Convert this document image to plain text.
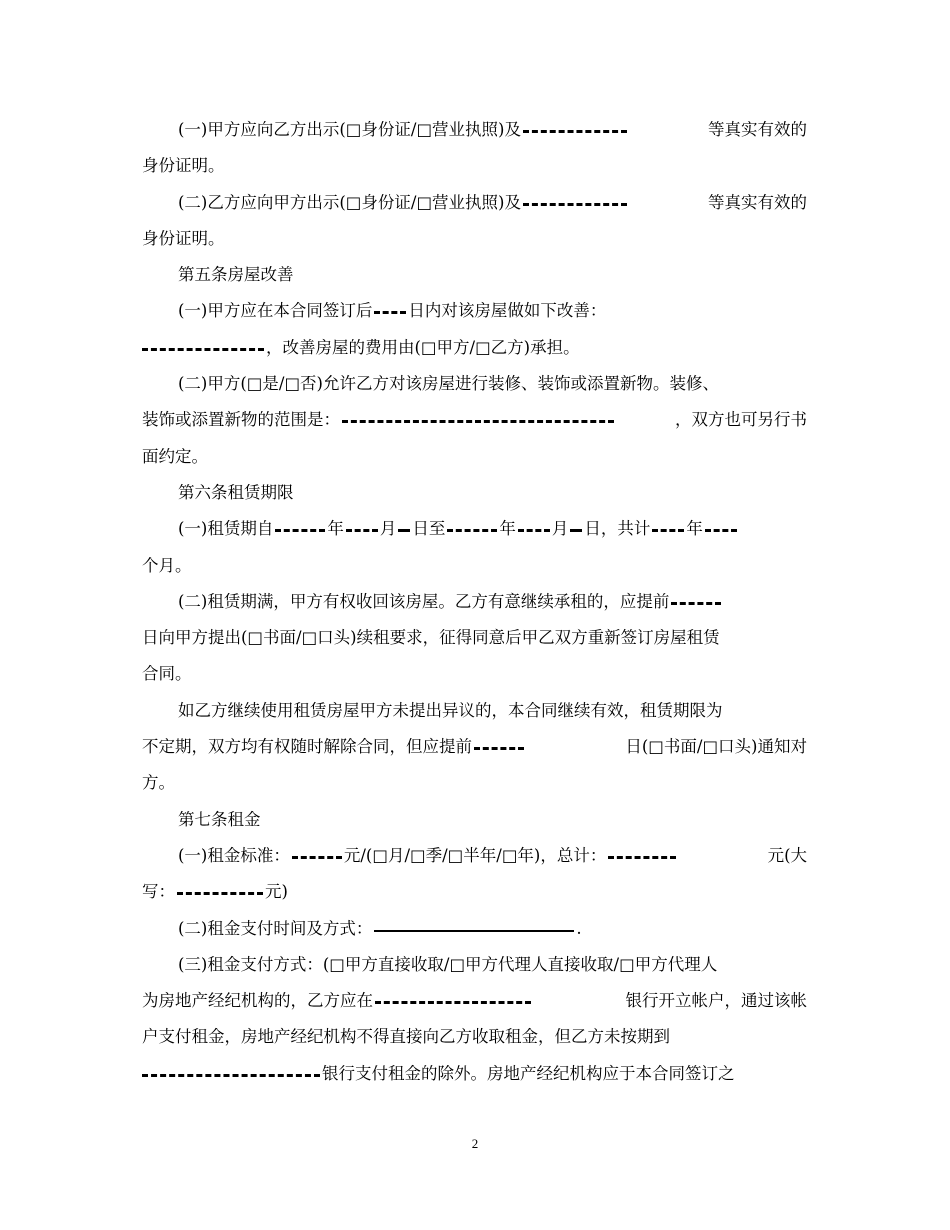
(一)甲方应向乙方出示(□身份证/□营业执照)及	等真实有效的
身份证明。
(二)乙方应向甲方出示(□身份证/□营业执照)及	等真实有效的
身份证明。
第五条房屋改善
(一)甲方应在本合同签订后 日内对该房屋做如下改善：
，改善房屋的费用由(□甲方/□乙方)承担。
(二)甲方(□是/□否)允许乙方对该房屋进行装修、装饰或添置新物。装修、
装饰或添置新物的范围是：	，双方也可另行书
面约定。
第六条租赁期限
(一)租赁期自	年 月 日至	年 月 日，共计 年
个月。
(二)租赁期满，甲方有权收回该房屋。乙方有意继续承租的，应提前
日向甲方提出(□书面/□口头)续租要求，征得同意后甲乙双方重新签订房屋租赁
合同。
如乙方继续使用租赁房屋甲方未提出异议的，本合同继续有效，租赁期限为
不定期，双方均有权随时解除合同，但应提前	日(□书面/□口头)通知对
方。
第七条租金
(一)租金标准：	元/(□月/□季/□半年/□年)，总计：	元(大
写：	元)
(二)租金支付时间及方式：	.
(三)租金支付方式：(□甲方直接收取/□甲方代理人直接收取/□甲方代理人
为房地产经纪机构的，乙方应在	银行开立帐户，通过该帐
户支付租金，房地产经纪机构不得直接向乙方收取租金，但乙方未按期到
银行支付租金的除外。房地产经纪机构应于本合同签订之
2
